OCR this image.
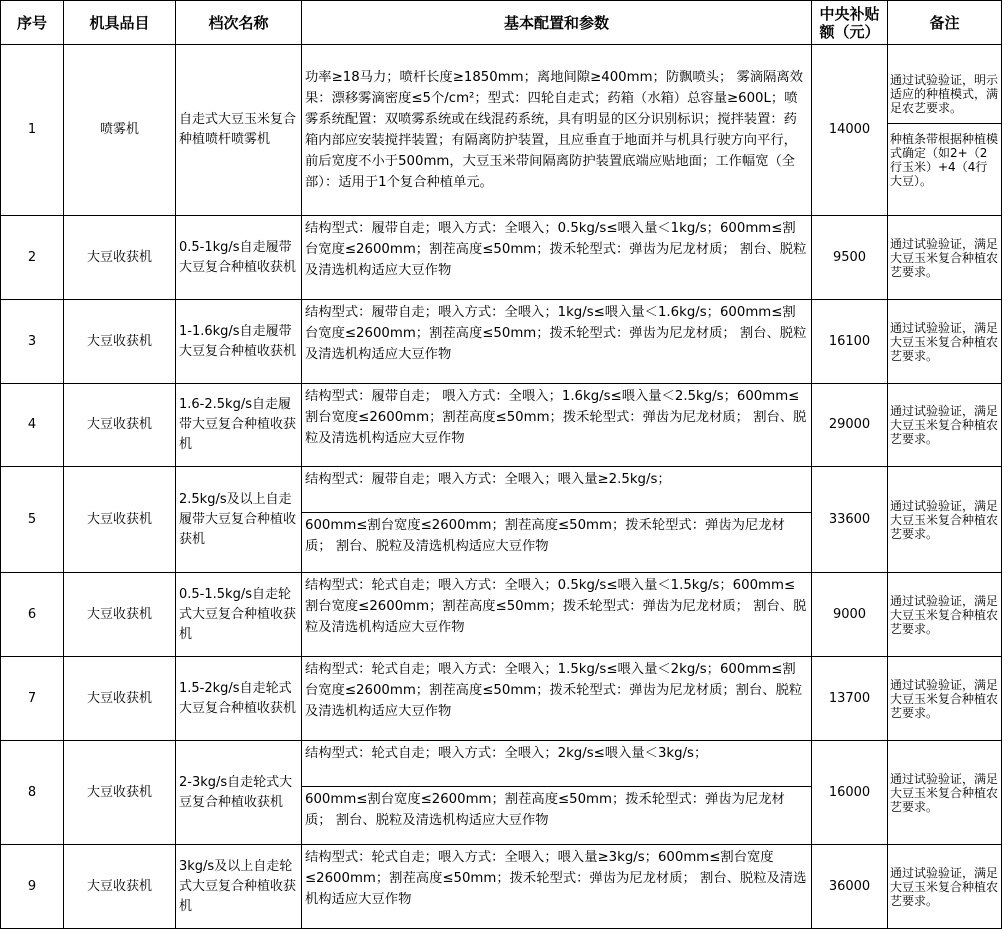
序号	机具品目	档次名称	基本配置和参数	中央补贴额（元）	备注
1	喷雾机	自走式大豆玉米复合种植喷杆喷雾机	功率≥18马力；喷杆长度≥1850mm；离地间隙≥400mm；防飘喷头； 雾滴隔离效果：漂移雾滴密度≤5个/cm²；型式：四轮自走式；药箱（水箱）总容量≥600L；喷雾系统配置：双喷雾系统或在线混药系统，具有明显的区分识别标识；搅拌装置：药箱内部应安装搅拌装置；有隔离防护装置，且应垂直于地面并与机具行驶方向平行，前后宽度不小于500mm，大豆玉米带间隔离防护装置底端应贴地面；工作幅宽（全部）：适用于1个复合种植单元。	14000	通过试验验证，明示适应的种植模式，满足农艺要求。
种植条带根据种植模式确定（如2+（2行玉米）+4（4行大豆）。

2	大豆收获机	0.5-1kg/s自走履带大豆复合种植收获机	结构型式：履带自走；喂入方式：全喂入；0.5kg/s≤喂入量＜1kg/s；600mm≤割台宽度≤2600mm；割茬高度≤50mm；拨禾轮型式：弹齿为尼龙材质； 割台、脱粒及清选机构适应大豆作物	9500	通过试验验证，满足大豆玉米复合种植农艺要求。
3	大豆收获机	1-1.6kg/s自走履带大豆复合种植收获机	结构型式：履带自走；喂入方式：全喂入；1kg/s≤喂入量＜1.6kg/s；600mm≤割台宽度≤2600mm；割茬高度≤50mm；拨禾轮型式：弹齿为尼龙材质； 割台、脱粒及清选机构适应大豆作物	16100	通过试验验证，满足大豆玉米复合种植农艺要求。
4	大豆收获机	1.6-2.5kg/s自走履带大豆复合种植收获机	结构型式：履带自走； 喂入方式：全喂入；1.6kg/s≤喂入量＜2.5kg/s；600mm≤割台宽度≤2600mm；割茬高度≤50mm；拨禾轮型式：弹齿为尼龙材质； 割台、脱粒及清选机构适应大豆作物	29000	通过试验验证，满足大豆玉米复合种植农艺要求。
5	大豆收获机	2.5kg/s及以上自走履带大豆复合种植收获机	结构型式：履带自走；喂入方式：全喂入；喂入量≥2.5kg/s；
600mm≤割台宽度≤2600mm；割茬高度≤50mm；拨禾轮型式：弹齿为尼龙材质； 割台、脱粒及清选机构适应大豆作物	33600	通过试验验证，满足大豆玉米复合种植农艺要求。
6	大豆收获机	0.5-1.5kg/s自走轮式大豆复合种植收获机	结构型式：轮式自走；喂入方式：全喂入；0.5kg/s≤喂入量＜1.5kg/s；600mm≤割台宽度≤2600mm；割茬高度≤50mm；拨禾轮型式：弹齿为尼龙材质； 割台、脱粒及清选机构适应大豆作物	9000	通过试验验证，满足大豆玉米复合种植农艺要求。
7	大豆收获机	1.5-2kg/s自走轮式大豆复合种植收获机	结构型式：轮式自走；喂入方式：全喂入；1.5kg/s≤喂入量＜2kg/s；600mm≤割台宽度≤2600mm；割茬高度≤50mm；拨禾轮型式：弹齿为尼龙材质；割台、脱粒及清选机构适应大豆作物	13700	通过试验验证，满足大豆玉米复合种植农艺要求。
8	大豆收获机	2-3kg/s自走轮式大豆复合种植收获机	结构型式：轮式自走；喂入方式：全喂入；2kg/s≤喂入量＜3kg/s；
600mm≤割台宽度≤2600mm；割茬高度≤50mm；拨禾轮型式：弹齿为尼龙材质； 割台、脱粒及清选机构适应大豆作物	16000	通过试验验证，满足大豆玉米复合种植农艺要求。
9	大豆收获机	3kg/s及以上自走轮式大豆复合种植收获机	结构型式：轮式自走；喂入方式：全喂入；喂入量≥3kg/s；600mm≤割台宽度≤2600mm；割茬高度≤50mm；拨禾轮型式：弹齿为尼龙材质； 割台、脱粒及清选机构适应大豆作物	36000	通过试验验证，满足大豆玉米复合种植农艺要求。
